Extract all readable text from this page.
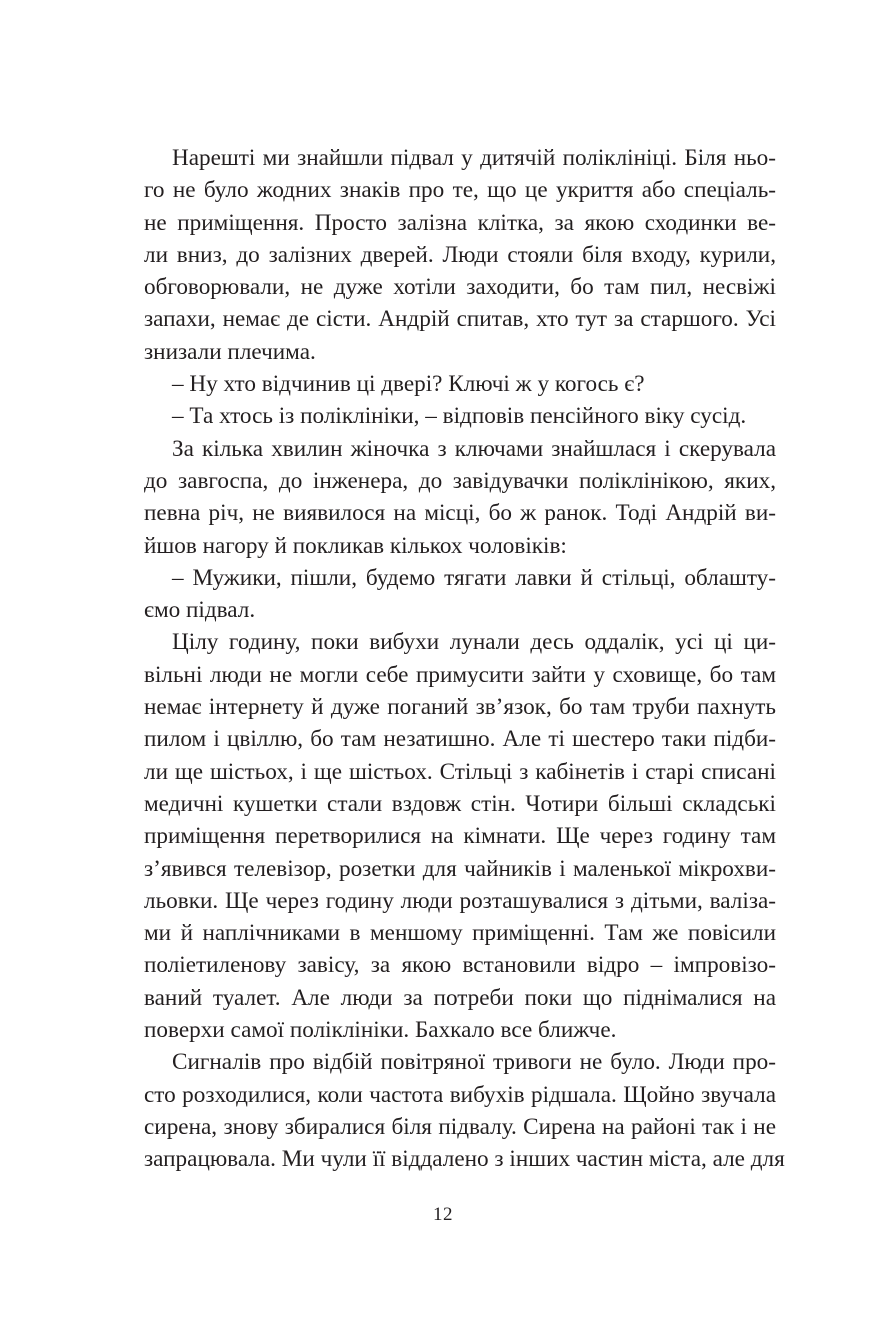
Нарешті ми знайшли підвал у дитячій поліклініці. Біля ньо-
го не було жодних знаків про те, що це укриття або спеціаль-
не приміщення. Просто залізна клітка, за якою сходинки ве-
ли вниз, до залізних дверей. Люди стояли біля входу, курили,
обговорювали, не дуже хотіли заходити, бо там пил, несвіжі
запахи, немає де сісти. Андрій спитав, хто тут за старшого. Усі
знизали плечима.
– Ну хто відчинив ці двері? Ключі ж у когось є?
– Та хтось із поліклініки, – відповів пенсійного віку сусід.
За кілька хвилин жіночка з ключами знайшлася і скерувала
до завгоспа, до інженера, до завідувачки поліклінікою, яких,
певна річ, не виявилося на місці, бо ж ранок. Тоді Андрій ви-
йшов нагору й покликав кількох чоловіків:
– Мужики, пішли, будемо тягати лавки й стільці, облашту-
ємо підвал.
Цілу годину, поки вибухи лунали десь оддалік, усі ці ци-
вільні люди не могли себе примусити зайти у сховище, бо там
немає інтернету й дуже поганий зв’язок, бо там труби пахнуть
пилом і цвіллю, бо там незатишно. Але ті шестеро таки підби-
ли ще шістьох, і ще шістьох. Стільці з кабінетів і старі списані
медичні кушетки стали вздовж стін. Чотири більші складські
приміщення перетворилися на кімнати. Ще через годину там
з’явився телевізор, розетки для чайників і маленької мікрохви-
льовки. Ще через годину люди розташувалися з дітьми, валіза-
ми й наплічниками в меншому приміщенні. Там же повісили
поліетиленову завісу, за якою встановили відро – імпровізо-
ваний туалет. Але люди за потреби поки що піднімалися на
поверхи самої поліклініки. Бахкало все ближче.
Сигналів про відбій повітряної тривоги не було. Люди про-
сто розходилися, коли частота вибухів рідшала. Щойно звучала
сирена, знову збиралися біля підвалу. Сирена на районі так і не
запрацювала. Ми чули її віддалено з інших частин міста, але для
12
